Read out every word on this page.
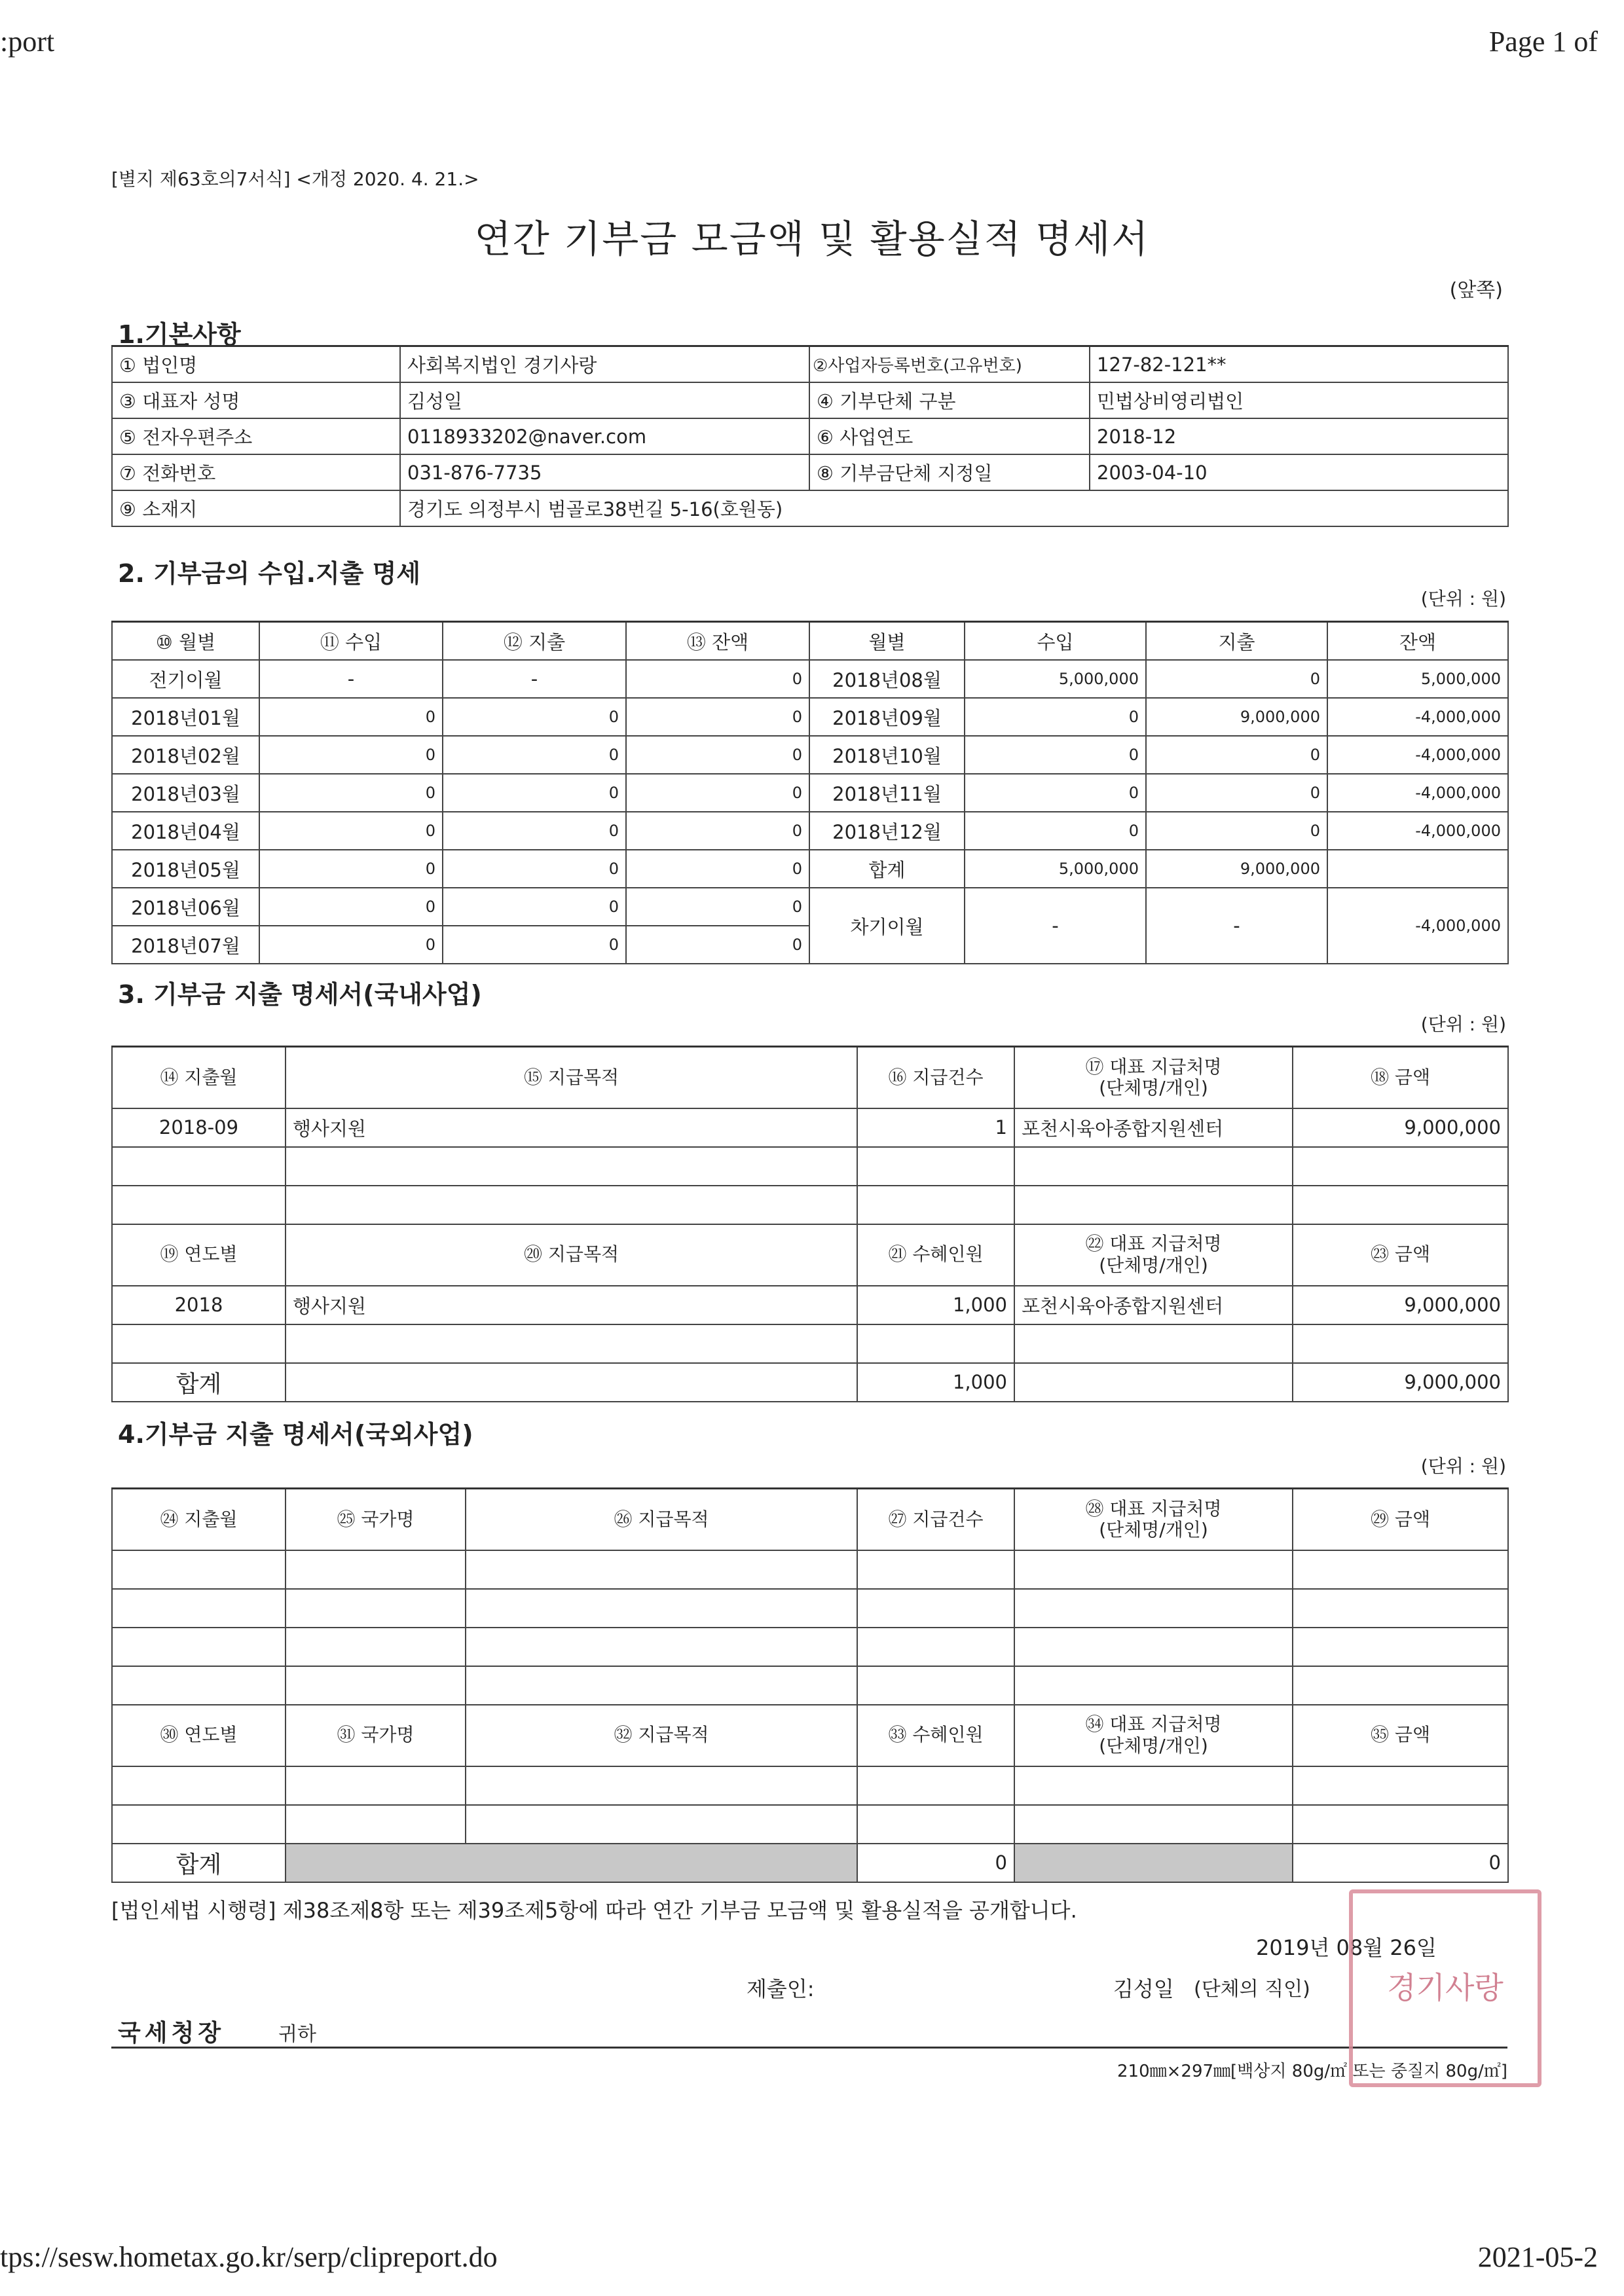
:port	Page 1 of
tps://sesw.hometax.go.kr/serp/clipreport.do	2021-05-2
[별지 제63호의7서식] <개정 2020. 4. 21.>
연간 기부금 모금액 및 활용실적 명세서
(앞쪽)
1.기본사항
① 법인명	사회복지법인 경기사랑	②사업자등록번호(고유번호)	127-82-121**
③ 대표자 성명	김성일	④ 기부단체 구분	민법상비영리법인
⑤ 전자우편주소	0118933202@naver.com	⑥ 사업연도	2018-12
⑦ 전화번호	031-876-7735	⑧ 기부금단체 지정일	2003-04-10
⑨ 소재지	경기도 의정부시 범골로38번길 5-16(호원동)		
2. 기부금의 수입.지출 명세
(단위 : 원)
⑩ 월별	⑪ 수입	⑫ 지출	⑬ 잔액	월별	수입	지출	잔액
전기이월	-	-	0	2018년08월	5,000,000	0	5,000,000
2018년01월	0	0	0	2018년09월	0	9,000,000	-4,000,000
2018년02월	0	0	0	2018년10월	0	0	-4,000,000
2018년03월	0	0	0	2018년11월	0	0	-4,000,000
2018년04월	0	0	0	2018년12월	0	0	-4,000,000
2018년05월	0	0	0	합계	5,000,000	9,000,000	
2018년06월	0	0	0	차기이월	-	-	-4,000,000
2018년07월	0	0	0				
3. 기부금 지출 명세서(국내사업)
(단위 : 원)
⑭ 지출월	⑮ 지급목적	⑯ 지급건수	⑰ 대표 지급처명
(단체명/개인)	⑱ 금액
2018-09	행사지원	1	포천시육아종합지원센터	9,000,000

⑲ 연도별	⑳ 지급목적	㉑ 수혜인원	㉒ 대표 지급처명
(단체명/개인)	㉓ 금액
2018	행사지원	1,000	포천시육아종합지원센터	9,000,000

합계		1,000		9,000,000
4.기부금 지출 명세서(국외사업)
(단위 : 원)
㉔ 지출월	㉕ 국가명	㉖ 지급목적	㉗ 지급건수	㉘ 대표 지급처명
(단체명/개인)	㉙ 금액

㉚ 연도별	㉛ 국가명	㉜ 지급목적	㉝ 수혜인원	㉞ 대표 지급처명
(단체명/개인)	㉟ 금액

합계			0		0
[법인세법 시행령] 제38조제8항 또는 제39조제5항에 따라 연간 기부금 모금액 및 활용실적을 공개합니다.
2019년 08월 26일
제출인:	김성일 (단체의 직인)
국세청장	귀하
210㎜×297㎜[백상지 80g/㎡ 또는 중질지 80g/㎡]
경기사랑
